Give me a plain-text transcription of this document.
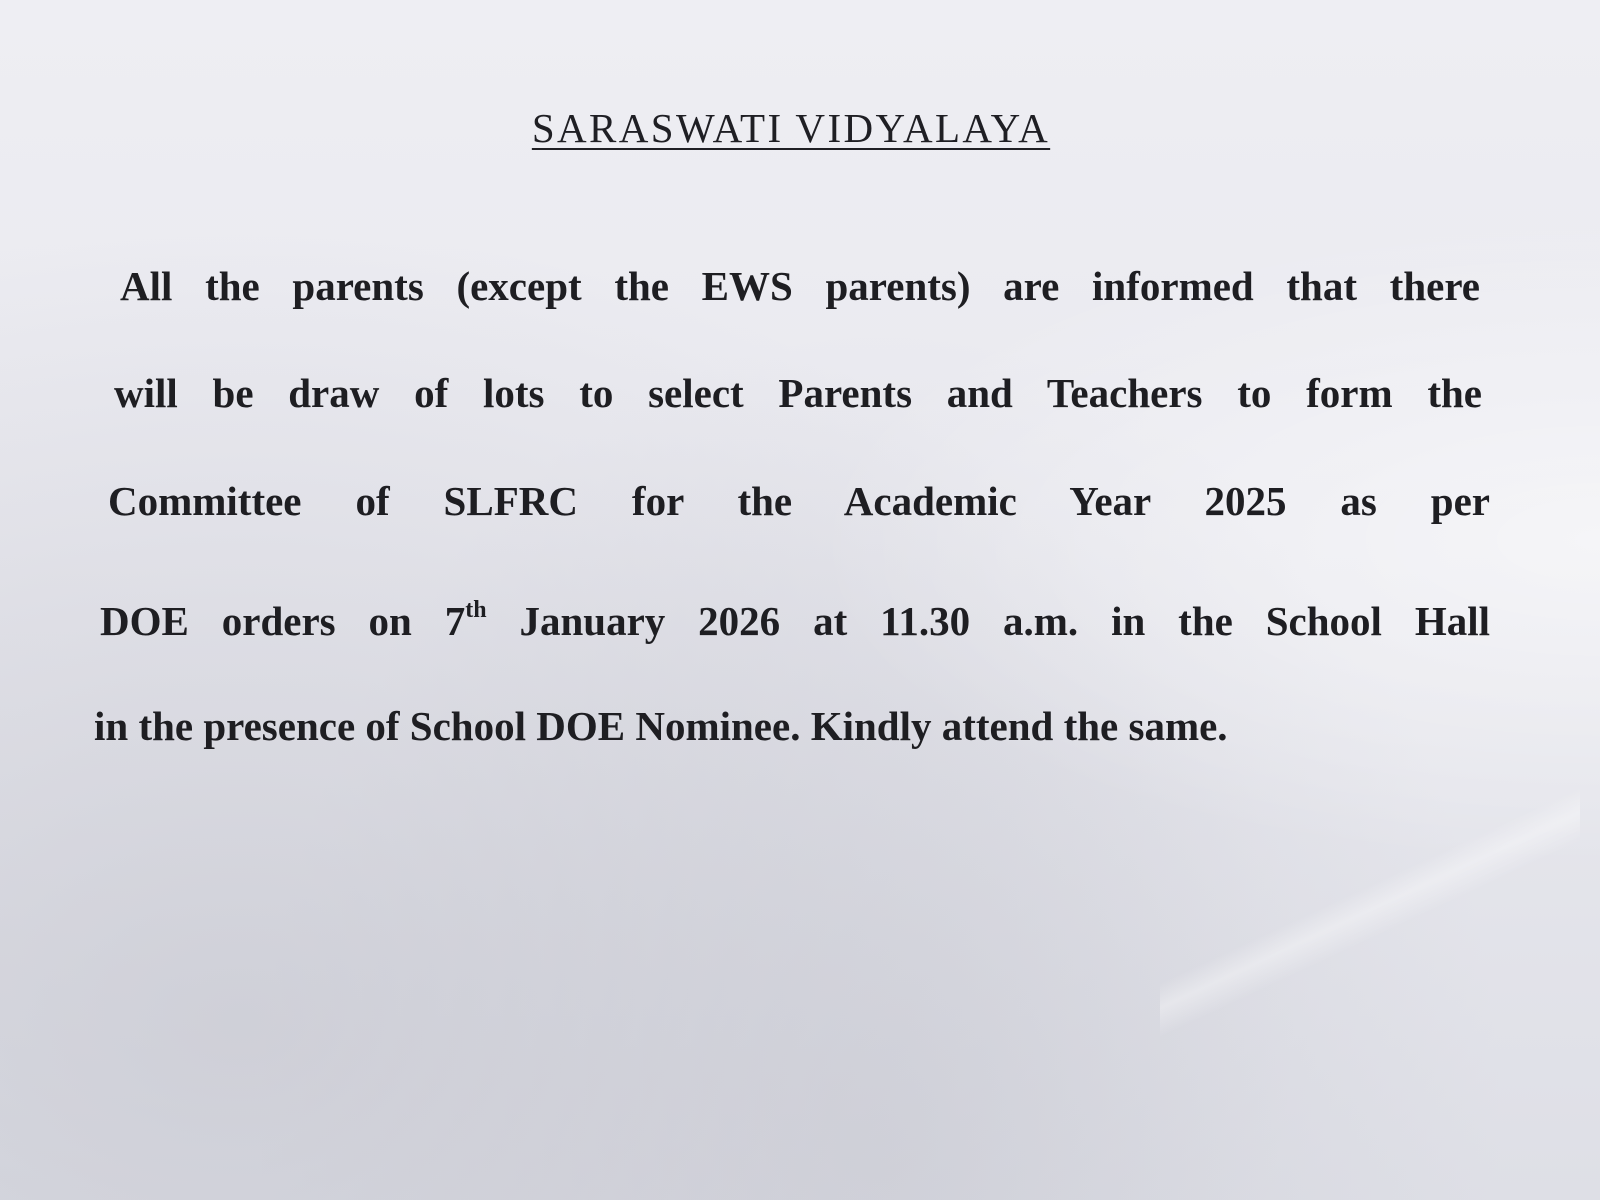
SARASWATI VIDYALAYA
All the parents (except the EWS parents) are informed that there
will be draw of lots to select Parents and Teachers to form the
Committee of SLFRC for the Academic Year 2025 as per
DOE orders on 7th January 2026 at 11.30 a.m. in the School Hall
in the presence of School DOE Nominee. Kindly attend the same.
